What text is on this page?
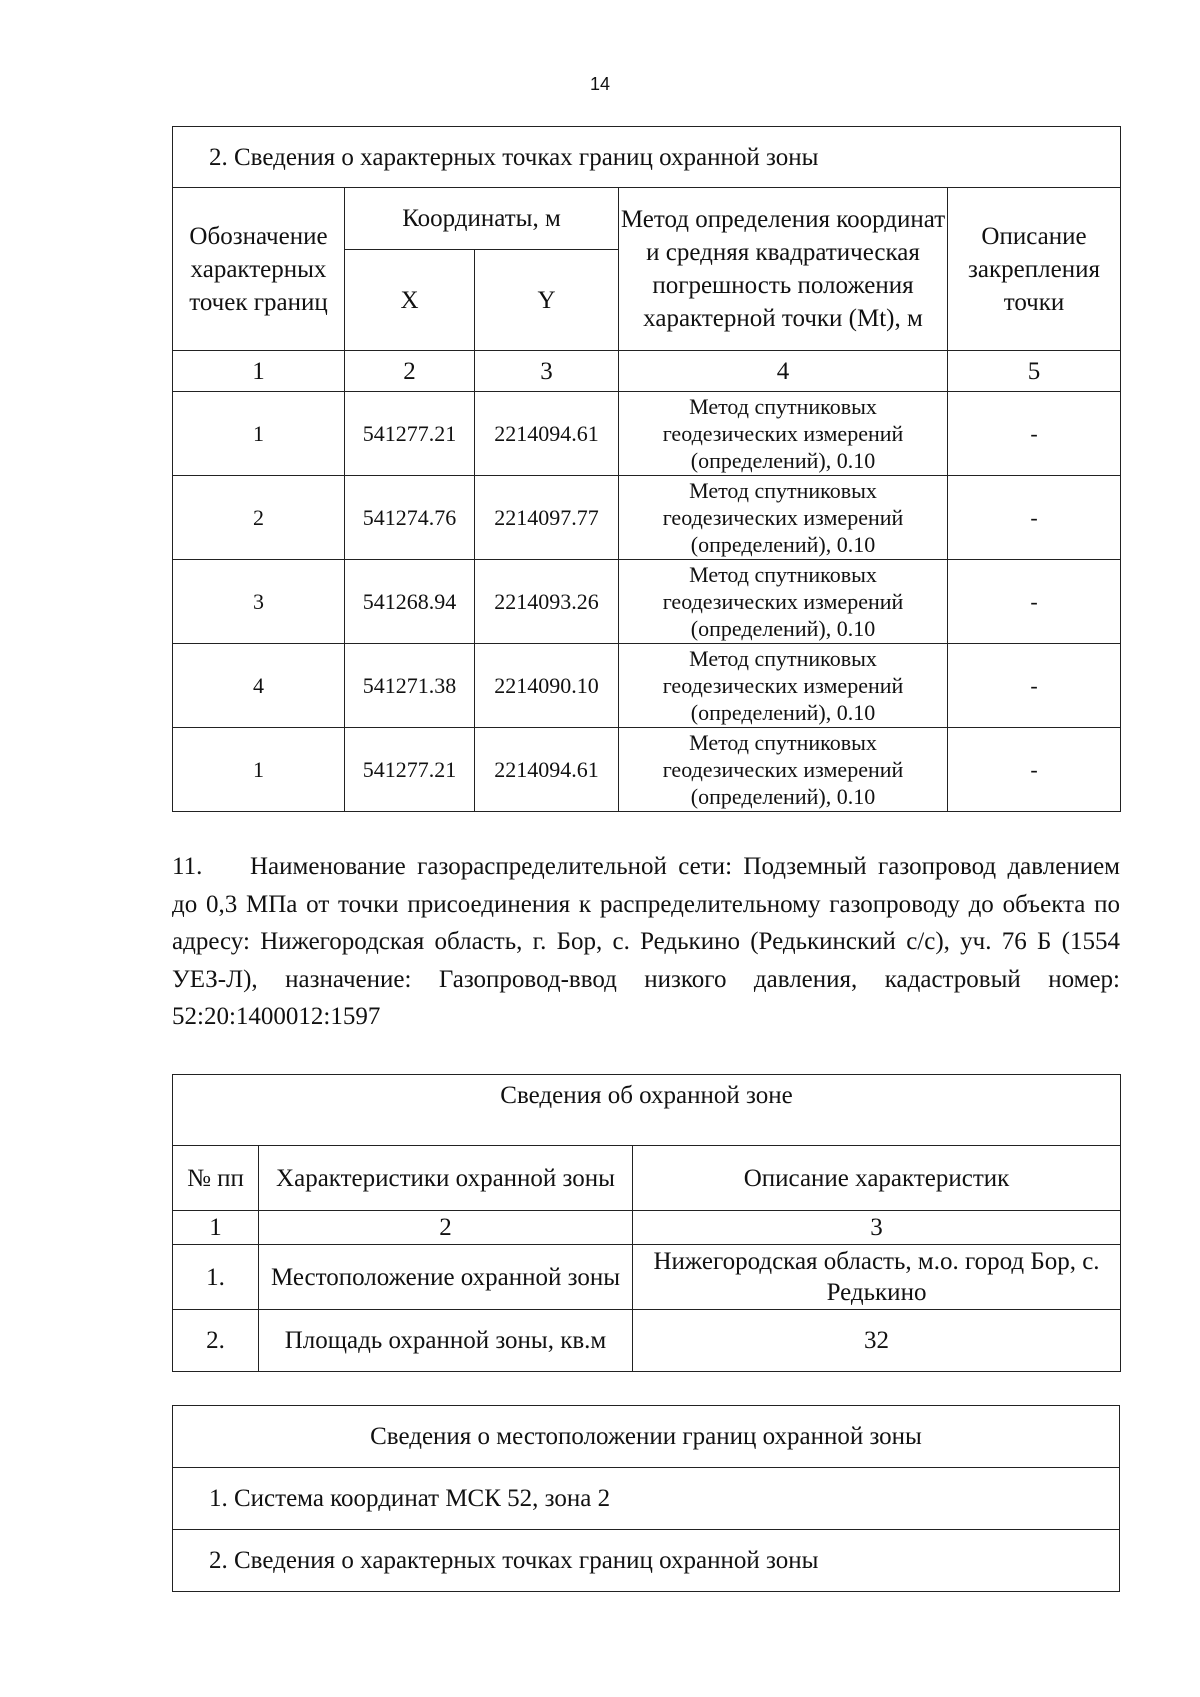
14
2. Сведения о характерных точках границ охранной зоны				
Обозначение характерных точек границ	Координаты, м		Метод определения координат и средняя квадратическая погрешность положения характерной точки (Mt), м	Описание закрепления точки
	X	Y		
1	2	3	4	5
1	541277.21	2214094.61	Метод спутниковых
геодезических измерений
(определений), 0.10	-
2	541274.76	2214097.77	Метод спутниковых
геодезических измерений
(определений), 0.10	-
3	541268.94	2214093.26	Метод спутниковых
геодезических измерений
(определений), 0.10	-
4	541271.38	2214090.10	Метод спутниковых
геодезических измерений
(определений), 0.10	-
1	541277.21	2214094.61	Метод спутниковых
геодезических измерений
(определений), 0.10	-

11. Наименование газораспределительной сети: Подземный газопровод давлением до 0,3 МПа от точки присоединения к распределительному газопроводу до объекта по адресу: Нижегородская область, г. Бор, с. Редькино (Редькинский с/с), уч. 76 Б (1554 УЕЗ-Л), назначение: Газопровод-ввод низкого давления, кадастровый номер: 52:20:1400012:1597

Сведения об охранной зоне		
№ пп	Характеристики охранной зоны	Описание характеристик
1	2	3
1.	Местоположение охранной зоны	Нижегородская область, м.о. город Бор, с. Редькино
2.	Площадь охранной зоны, кв.м	32
Сведения о местоположении границ охранной зоны
1. Система координат МСК 52, зона 2
2. Сведения о характерных точках границ охранной зоны
